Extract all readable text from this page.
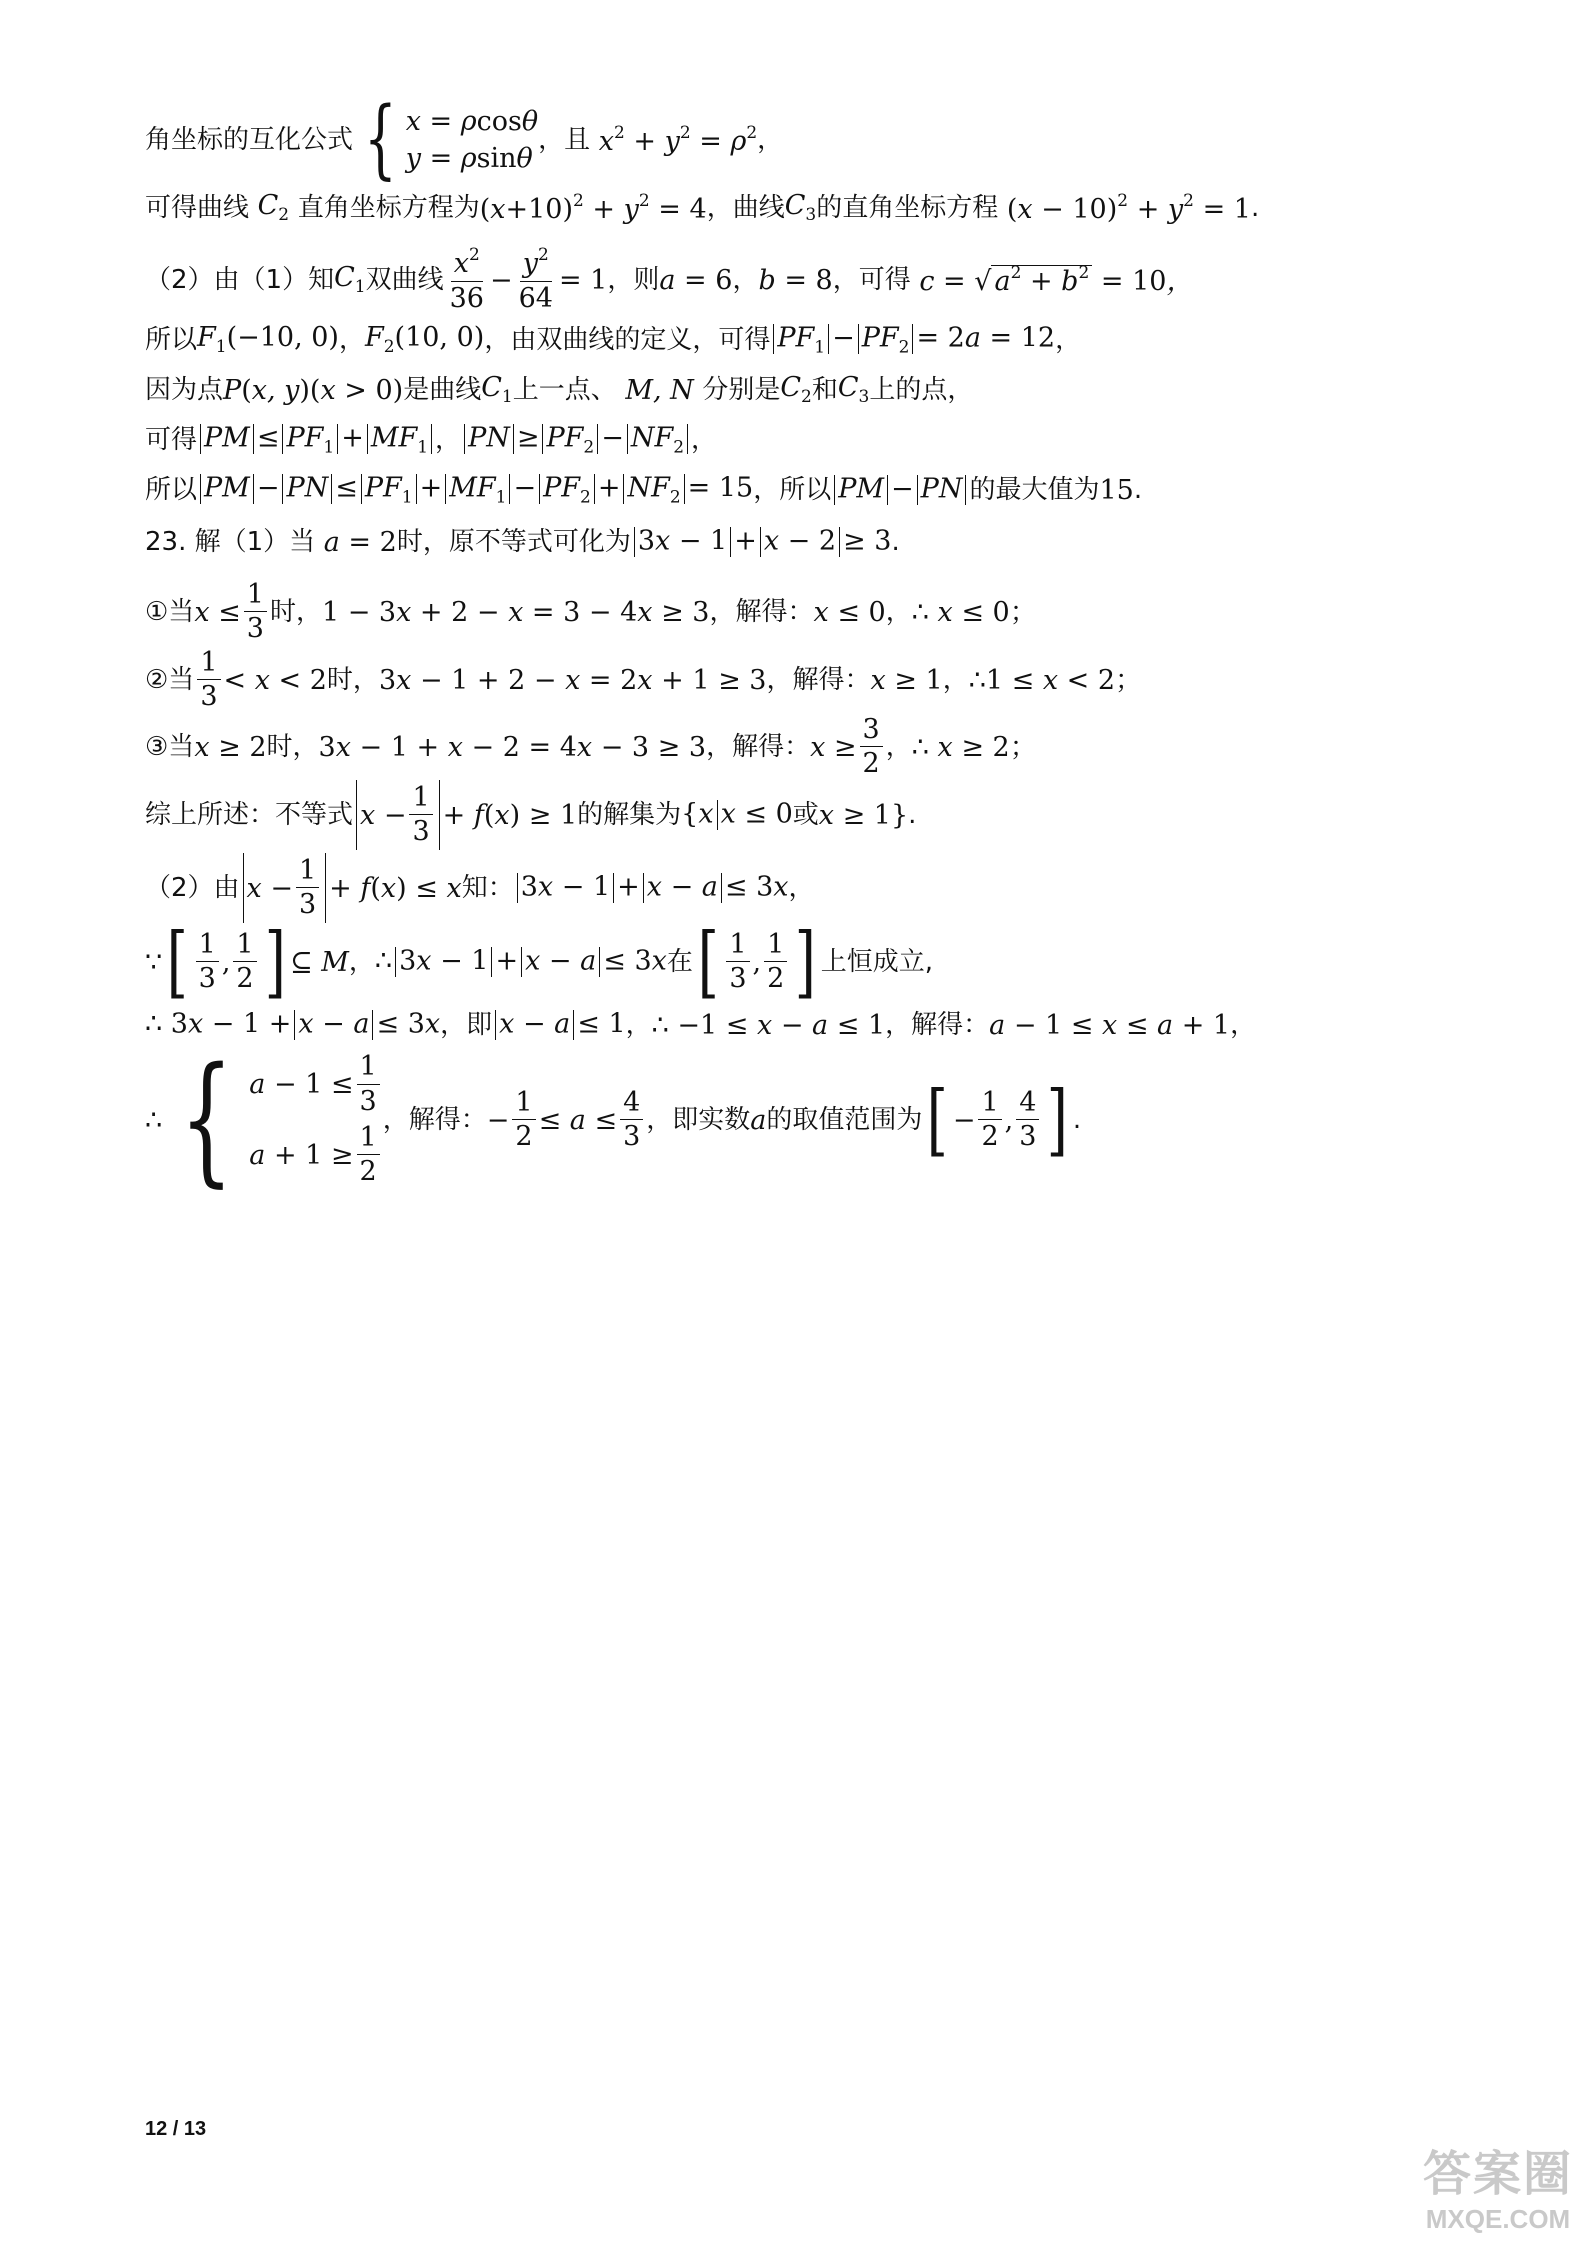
角坐标的互化公式 { x = ρcosθ
y = ρsinθ
，且 $x^2 + y^2 = \rho^2$ ，
可得曲线 $C_2$ 直角坐标方程为 $(x+10)^2 + y^2 = 4$ ，曲线 $C_3$ 的直角坐标方程 $(x - 10)^2 + y^2 = 1$ .
（2）由（1）知 $C_1$ 双曲线 $\frac{x^2}{36} - \frac{y^2}{64} = 1$ ，则 a = 6 ， b = 8 ，可得 c = √ $a^2 + b^2 = 10$，
所以 $F_1(-10$, 0) ， $F_2(10$, 0) ，由双曲线的定义，可得 $PF_1 - PF_2 = 2a = 12$ ，
因为点 P(x, y)(x > 0) 是曲线 $C_1$ 上一点、 M, N 分别是 $C_2$ 和 $C_3$ 上的点，
可得 PM ≤ $PF_1 + MF_1$ ， PN ≥ $PF_2 - NF_2$ ，
所以 PM − PN ≤ $PF_1 + MF_1 - PF_2 + NF_2 = 15$ ，所以 PM − PN 的最大值为 15 .
23. 解（1）当 a = 2 时，原不等式可化为 3x − 1 + x − 2 ≥ 3 .
①当 $x \le \frac{1}{3}$ 时， 1 − 3x + 2 − x = 3 − 4x ≥ 3 ，解得： x ≤ 0 ， ∴ x ≤ 0；
②当 $\frac{1}{3} < x < 2$ 时， 3x − 1 + 2 − x = 2x + 1 ≥ 3 ，解得： x ≥ 1 ， ∴1 ≤ x < 2；
③当 x ≥ 2 时， 3x − 1 + x − 2 = 4x − 3 ≥ 3 ，解得： $x \ge \frac{3}{2}$ ， ∴ x ≥ 2；
综上所述：不等式 $x - \frac{1}{3} + f(x) \ge 1$ 的解集为 {x x ≤ 0 或 x ≥ 1} .
（2）由 $x - \frac{1}{3} + f(x) \le x$ 知： 3x − 1 + x − a ≤ 3x ，
∵ [ $\frac{1}{3}$ , $\frac{1}{2}$ ] ⊆ M ， ∴ 3x − 1 + x − a ≤ 3x 在 [ $\frac{1}{3}$ , $\frac{1}{2}$ ] 上恒成立,
∴ 3x − 1 + x − a ≤ 3x ，即 x − a ≤ 1 ， ∴ −1 ≤ x − a ≤ 1 ，解得： a − 1 ≤ x ≤ a + 1 ，
∴ { $a - 1 \le \frac{1}{3}$
$a + 1 \ge \frac{1}{2}$
，解得： − $\frac{1}{2} \le a \le \frac{4}{3}$ ，即实数 a 的取值范围为 [ − $\frac{1}{2}$ , $\frac{4}{3}$ ] .
12 / 13
答案圈
MXQE.COM
